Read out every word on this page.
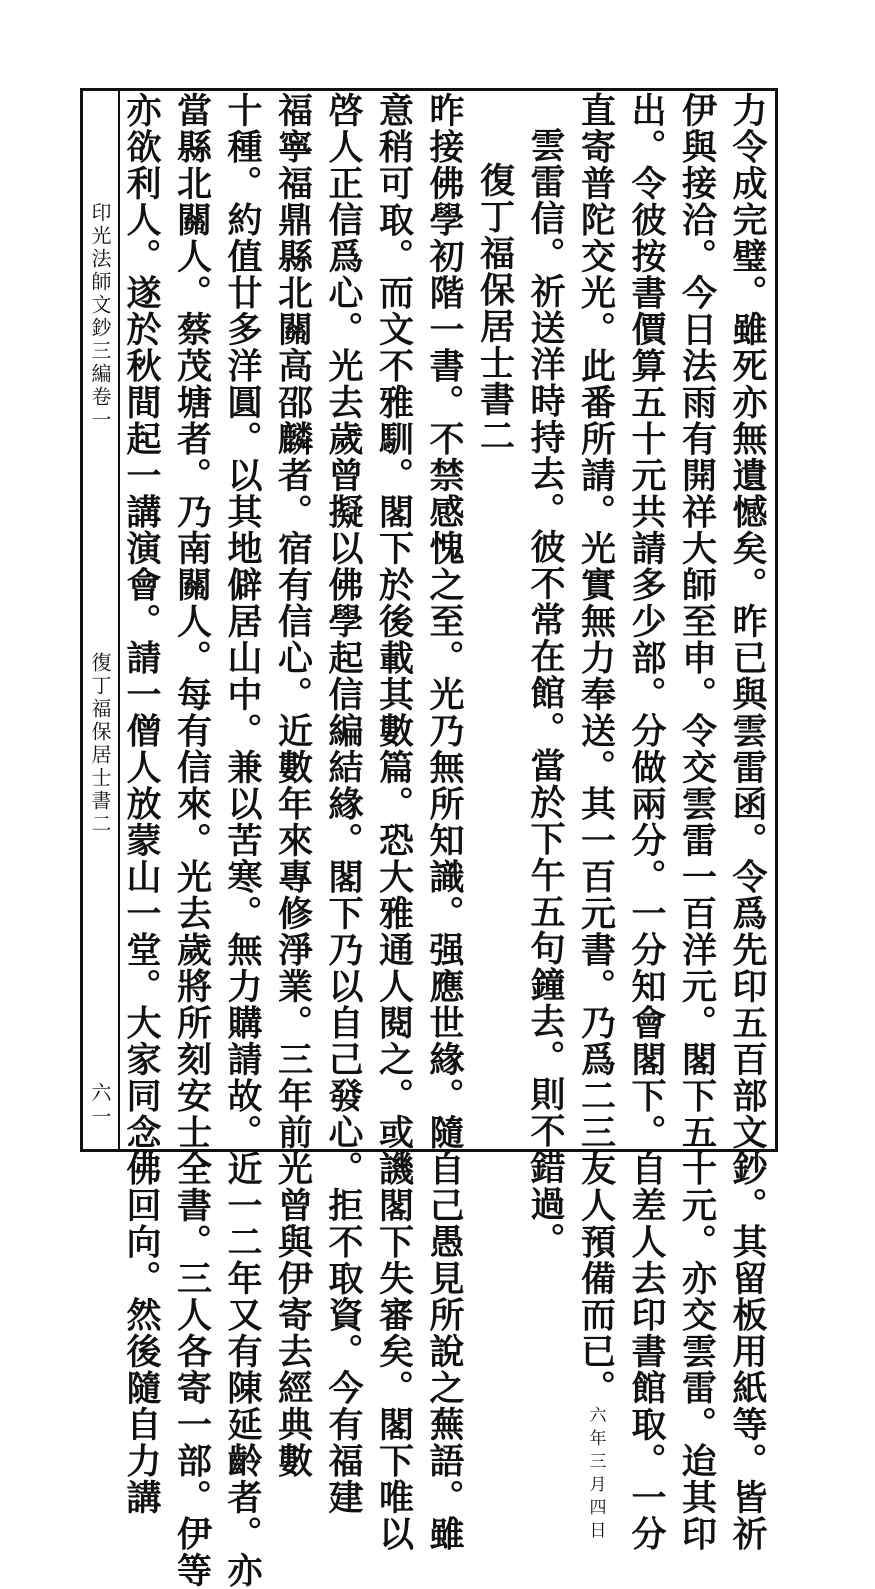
印光法師文鈔三編卷一
復丁福保居士書二
六一	力令成完璧。雖死亦無遺憾矣。昨已與雲雷函。令爲先印五百部文鈔。其留板用紙等。皆祈
伊與接洽。今日法雨有開祥大師至申。令交雲雷一百洋元。閣下五十元。亦交雲雷。迨其印
出。令彼按書價算五十元共請多少部。分做兩分。一分知會閣下。自差人去印書館取。一分
直寄普陀交光。此番所請。光實無力奉送。其一百元書。乃爲二三友人預備而已。六年三月四日
雲雷信。祈送洋時持去。彼不常在館。當於下午五句鐘去。則不錯過。
復丁福保居士書二
昨接佛學初階一書。不禁感愧之至。光乃無所知識。强應世緣。隨自己愚見所說之蕪語。雖
意稍可取。而文不雅馴。閣下於後載其數篇。恐大雅通人閱之。或譏閣下失審矣。閣下唯以
啓人正信爲心。光去歲曾擬以佛學起信編結緣。閣下乃以自己發心。拒不取資。今有福建
福寧福鼎縣北關高邵麟者。宿有信心。近數年來專修淨業。三年前光曾與伊寄去經典數
十種。約值廿多洋圓。以其地僻居山中。兼以苦寒。無力購請故。近一二年又有陳延齡者。亦
當縣北關人。蔡茂塘者。乃南關人。每有信來。光去歲將所刻安士全書。三人各寄一部。伊等
亦欲利人。遂於秋間起一講演會。請一僧人放蒙山一堂。大家同念佛回向。然後隨自力講
